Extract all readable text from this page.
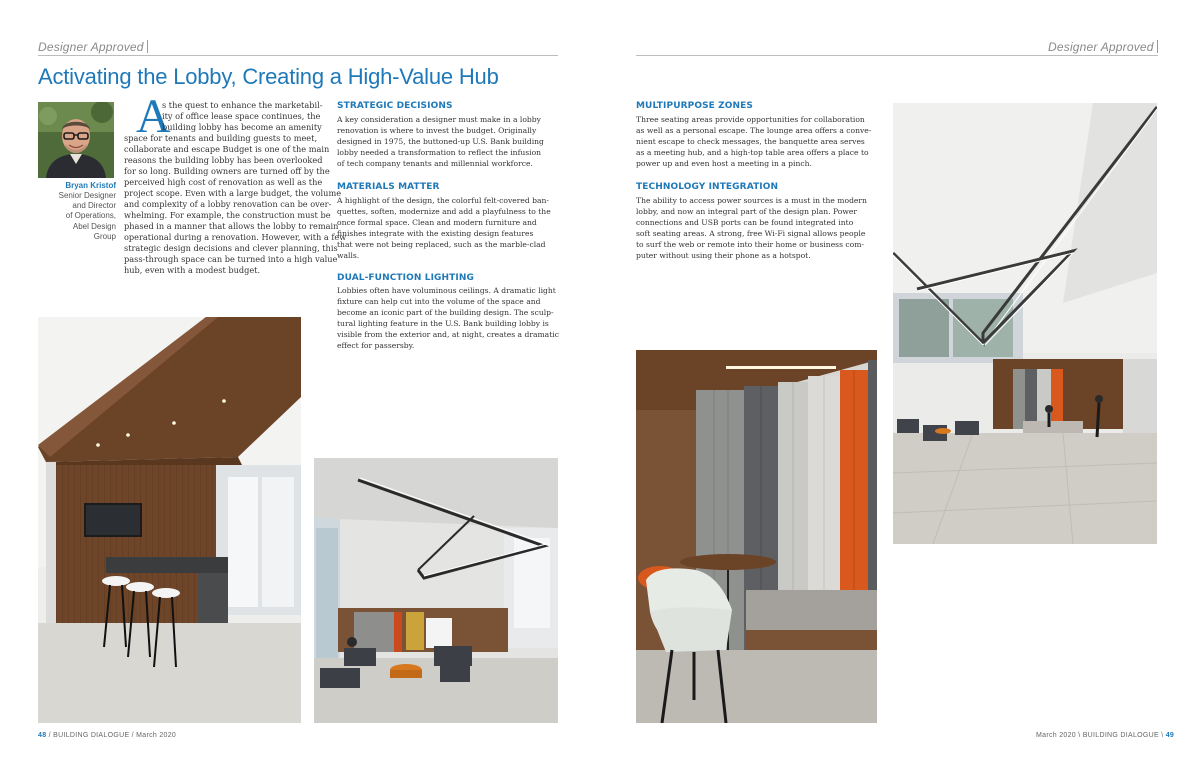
Designer Approved
Activating the Lobby, Creating a High-Value Hub
Bryan Kristof
Senior Designer
and Director
of Operations,
Abel Design
Group
A
s the quest to enhance the marketabil-
ity of office lease space continues, the
building lobby has become an amenity
space for tenants and building guests to meet,
collaborate and escape Budget is one of the main
reasons the building lobby has been overlooked
for so long. Building owners are turned off by the
perceived high cost of renovation as well as the
project scope. Even with a large budget, the volume
and complexity of a lobby renovation can be over-
whelming. For example, the construction must be
phased in a manner that allows the lobby to remain
operational during a renovation. However, with a few
strategic design decisions and clever planning, this
pass-through space can be turned into a high value
hub, even with a modest budget.
STRATEGIC DECISIONS
A key consideration a designer must make in a lobby
renovation is where to invest the budget. Originally
designed in 1975, the buttoned-up U.S. Bank building
lobby needed a transformation to reflect the infusion
of tech company tenants and millennial workforce.
MATERIALS MATTER
A highlight of the design, the colorful felt-covered ban-
quettes, soften, modernize and add a playfulness to the
once formal space. Clean and modern furniture and
finishes integrate with the existing design features
that were not being replaced, such as the marble-clad
walls.
DUAL-FUNCTION LIGHTING
Lobbies often have voluminous ceilings. A dramatic light
fixture can help cut into the volume of the space and
become an iconic part of the building design. The sculp-
tural lighting feature in the U.S. Bank building lobby is
visible from the exterior and, at night, creates a dramatic
effect for passersby.
48 / BUILDING DIALOGUE / March 2020
Designer Approved
MULTIPURPOSE ZONES
Three seating areas provide opportunities for collaboration
as well as a personal escape. The lounge area offers a conve-
nient escape to check messages, the banquette area serves
as a meeting hub, and a high-top table area offers a place to
power up and even host a meeting in a pinch.
TECHNOLOGY INTEGRATION
The ability to access power sources is a must in the modern
lobby, and now an integral part of the design plan. Power
connections and USB ports can be found integrated into
soft seating areas. A strong, free Wi-Fi signal allows people
to surf the web or remote into their home or business com-
puter without using their phone as a hotspot.
March 2020 \ BUILDING DIALOGUE \ 49
